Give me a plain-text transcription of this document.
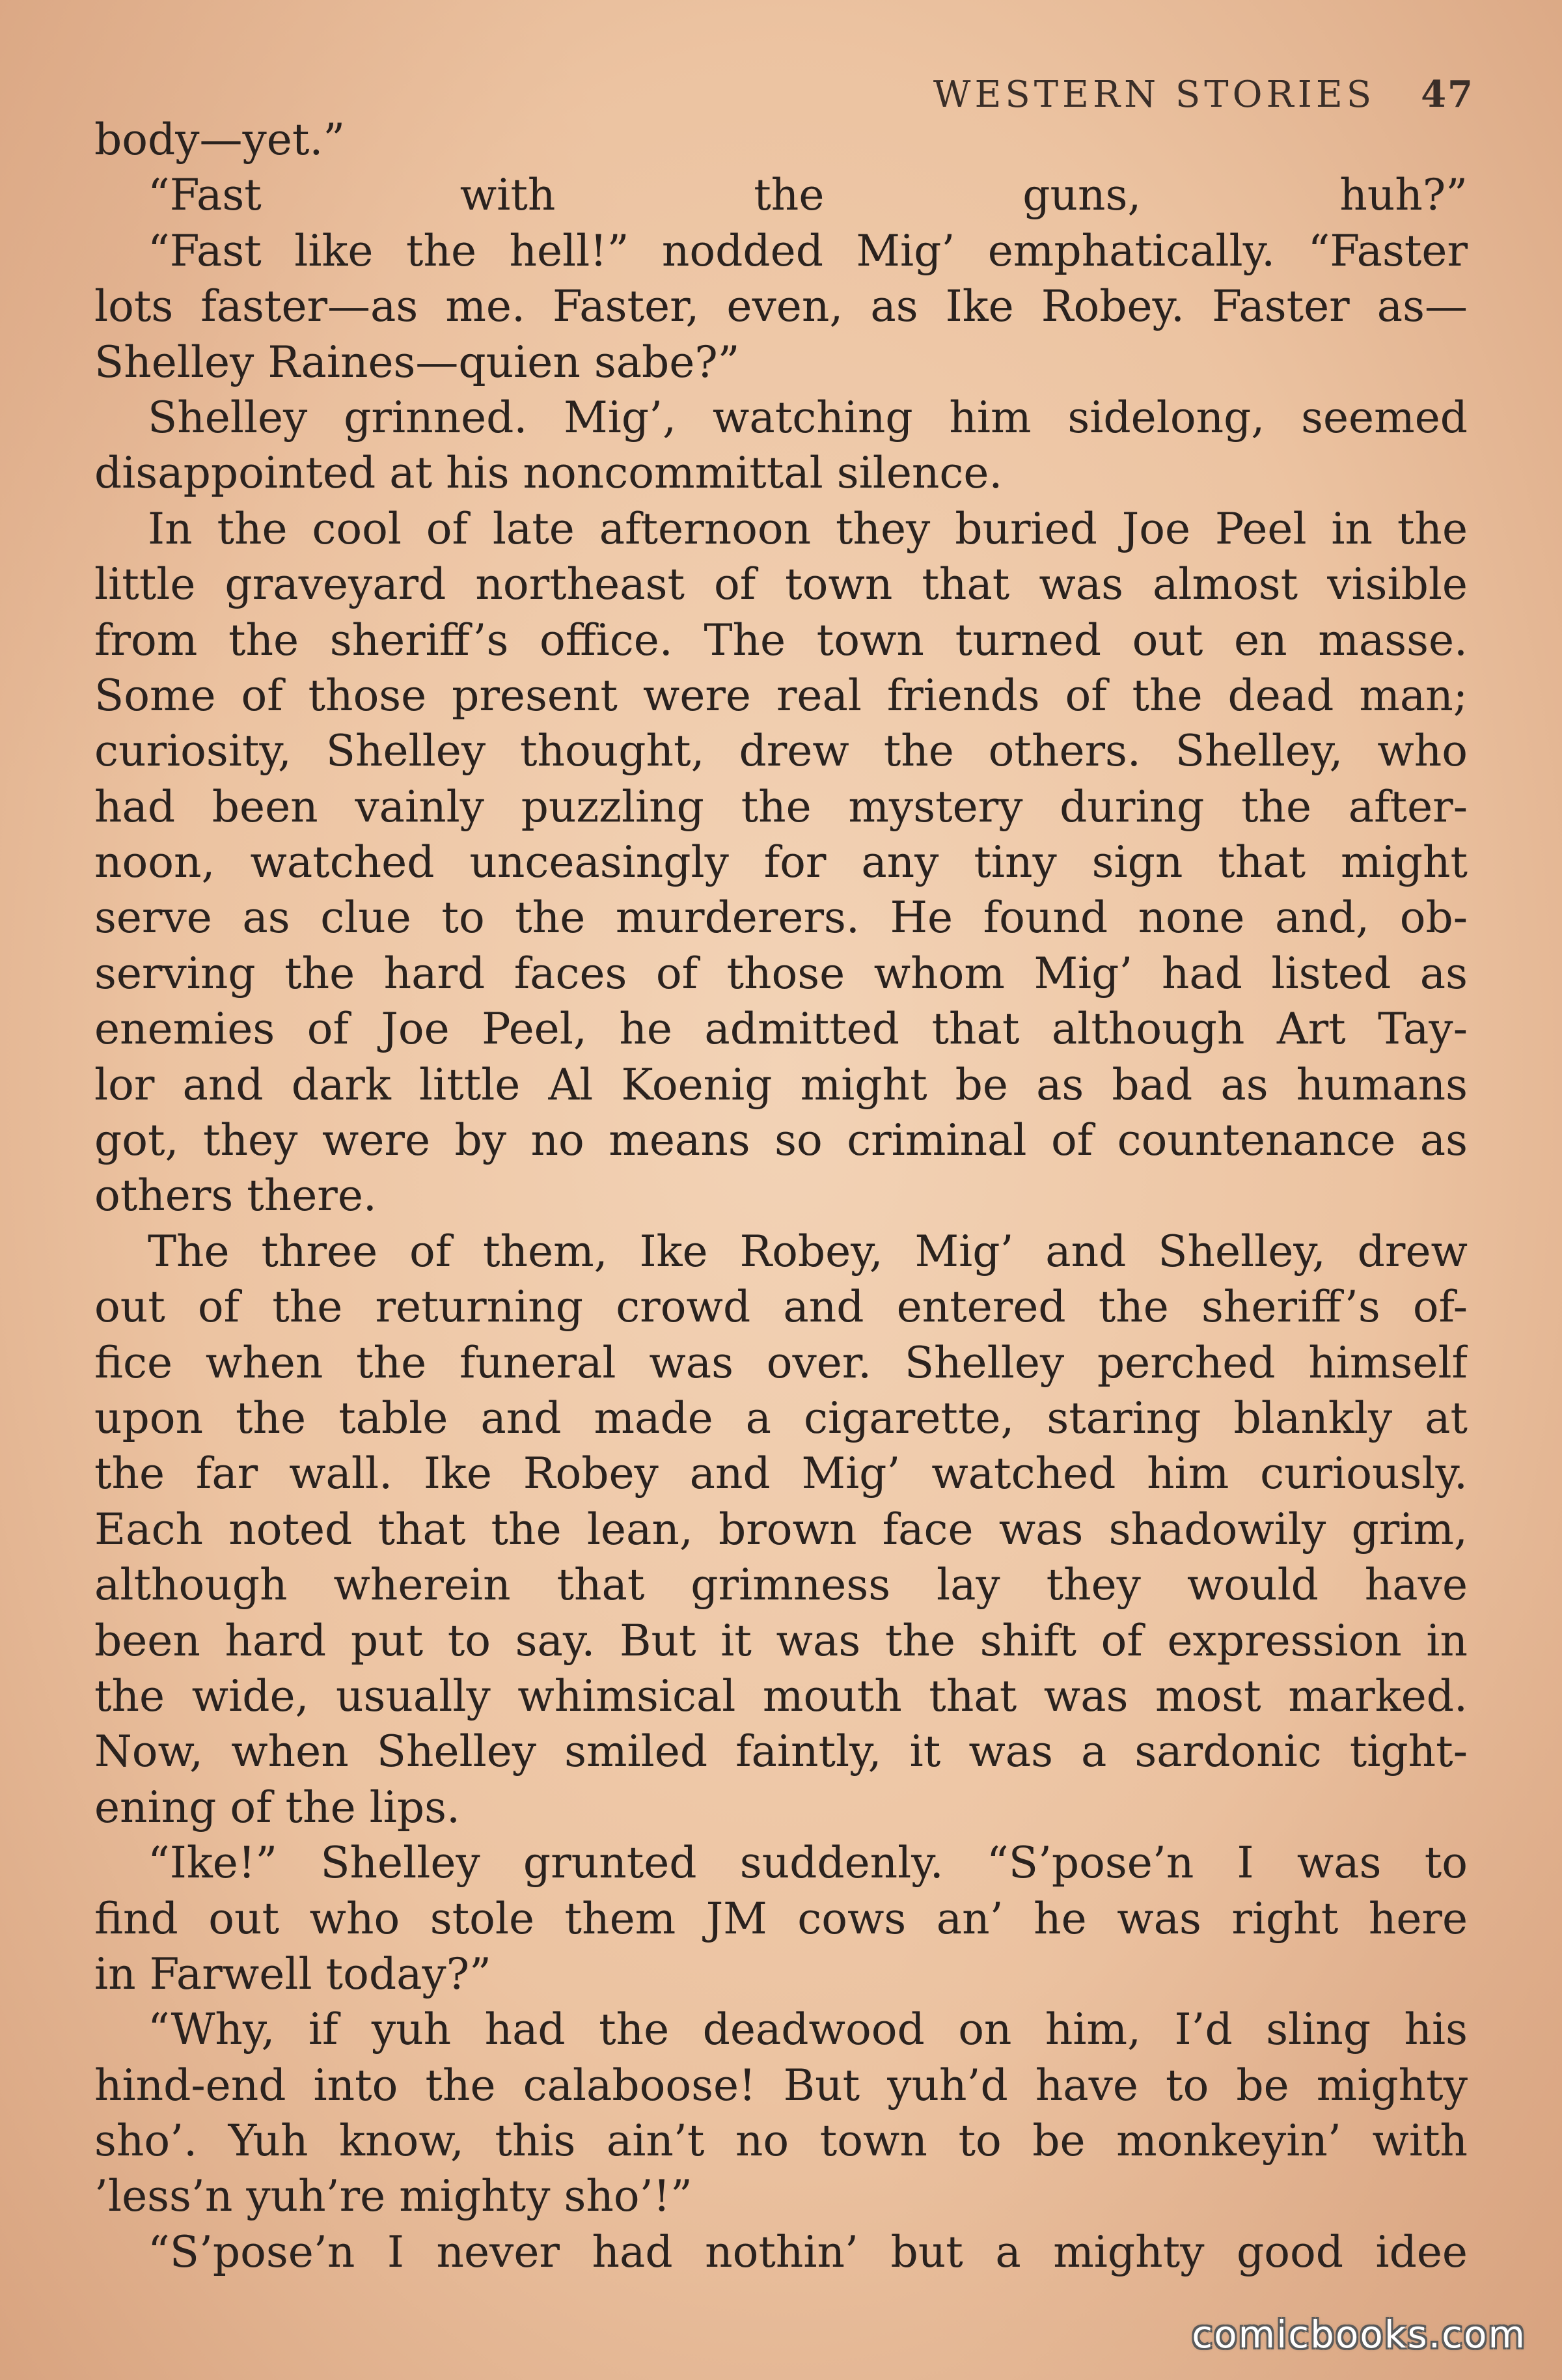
WESTERN STORIES 47
body—yet.”
“Fast with the guns, huh?”
“Fast like the hell!” nodded Mig’ emphatically. “Faster
lots faster—as me. Faster, even, as Ike Robey. Faster as—
Shelley Raines—quien sabe?”
Shelley grinned. Mig’, watching him sidelong, seemed
disappointed at his noncommittal silence.
In the cool of late afternoon they buried Joe Peel in the
little graveyard northeast of town that was almost visible
from the sheriff’s office. The town turned out en masse.
Some of those present were real friends of the dead man;
curiosity, Shelley thought, drew the others. Shelley, who
had been vainly puzzling the mystery during the after-
noon, watched unceasingly for any tiny sign that might
serve as clue to the murderers. He found none and, ob-
serving the hard faces of those whom Mig’ had listed as
enemies of Joe Peel, he admitted that although Art Tay-
lor and dark little Al Koenig might be as bad as humans
got, they were by no means so criminal of countenance as
others there.
The three of them, Ike Robey, Mig’ and Shelley, drew
out of the returning crowd and entered the sheriff’s of-
fice when the funeral was over. Shelley perched himself
upon the table and made a cigarette, staring blankly at
the far wall. Ike Robey and Mig’ watched him curiously.
Each noted that the lean, brown face was shadowily grim,
although wherein that grimness lay they would have
been hard put to say. But it was the shift of expression in
the wide, usually whimsical mouth that was most marked.
Now, when Shelley smiled faintly, it was a sardonic tight-
ening of the lips.
“Ike!” Shelley grunted suddenly. “S’pose’n I was to
find out who stole them JM cows an’ he was right here
in Farwell today?”
“Why, if yuh had the deadwood on him, I’d sling his
hind-end into the calaboose! But yuh’d have to be mighty
sho’. Yuh know, this ain’t no town to be monkeyin’ with
’less’n yuh’re mighty sho’!”
“S’pose’n I never had nothin’ but a mighty good idee
comicbooks.com
